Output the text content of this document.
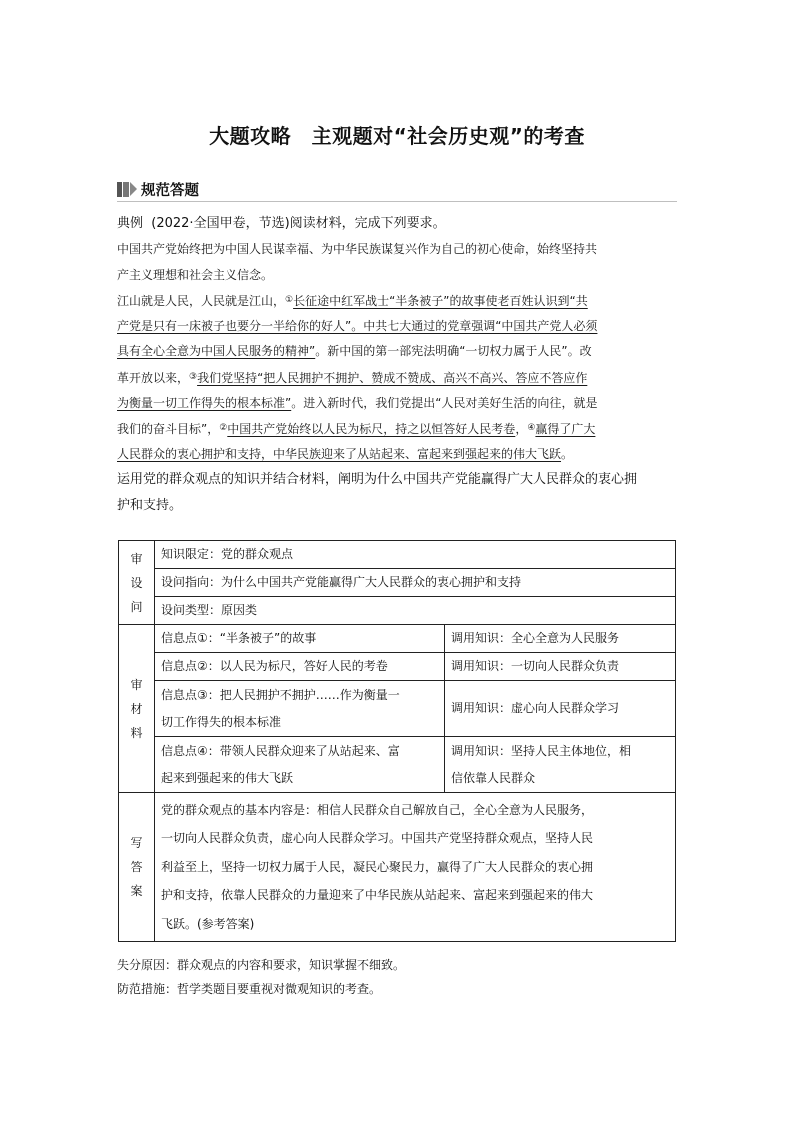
大题攻略　主观题对“社会历史观”的考查
规范答题

典例 (2022·全国甲卷，节选)阅读材料，完成下列要求。

中国共产党始终把为中国人民谋幸福、为中华民族谋复兴作为自己的初心使命，始终坚持共

产主义理想和社会主义信念。

江山就是人民，人民就是江山，①长征途中红军战士“半条被子”的故事使老百姓认识到“共

产党是只有一床被子也要分一半给你的好人”。中共七大通过的党章强调“中国共产党人必须

具有全心全意为中国人民服务的精神”。新中国的第一部宪法明确“一切权力属于人民”。改

革开放以来，③我们党坚持“把人民拥护不拥护、赞成不赞成、高兴不高兴、答应不答应作

为衡量一切工作得失的根本标准”。进入新时代，我们党提出“人民对美好生活的向往，就是

我们的奋斗目标”，②中国共产党始终以人民为标尺，持之以恒答好人民考卷，④赢得了广大

人民群众的衷心拥护和支持，中华民族迎来了从站起来、富起来到强起来的伟大飞跃。

运用党的群众观点的知识并结合材料，阐明为什么中国共产党能赢得广大人民群众的衷心拥

护和支持。

审
设
问	知识限定：党的群众观点	

	设问指向：为什么中国共产党能赢得广大人民群众的衷心拥护和支持	

	设问类型：原因类	

审
材
料	信息点①：“半条被子”的故事	调用知识：全心全意为人民服务

	信息点②：以人民为标尺，答好人民的考卷	调用知识：一切向人民群众负责

	信息点③：把人民拥护不拥护……作为衡量一
切工作得失的根本标准	调用知识：虚心向人民群众学习

	信息点④：带领人民群众迎来了从站起来、富
起来到强起来的伟大飞跃	调用知识：坚持人民主体地位，相
信依靠人民群众

写
答
案	党的群众观点的基本内容是：相信人民群众自己解放自己，全心全意为人民服务，
一切向人民群众负责，虚心向人民群众学习。中国共产党坚持群众观点，坚持人民
利益至上，坚持一切权力属于人民，凝民心聚民力，赢得了广大人民群众的衷心拥
护和支持，依靠人民群众的力量迎来了中华民族从站起来、富起来到强起来的伟大
飞跃。(参考答案)	

失分原因：群众观点的内容和要求，知识掌握不细致。

防范措施：哲学类题目要重视对微观知识的考查。
